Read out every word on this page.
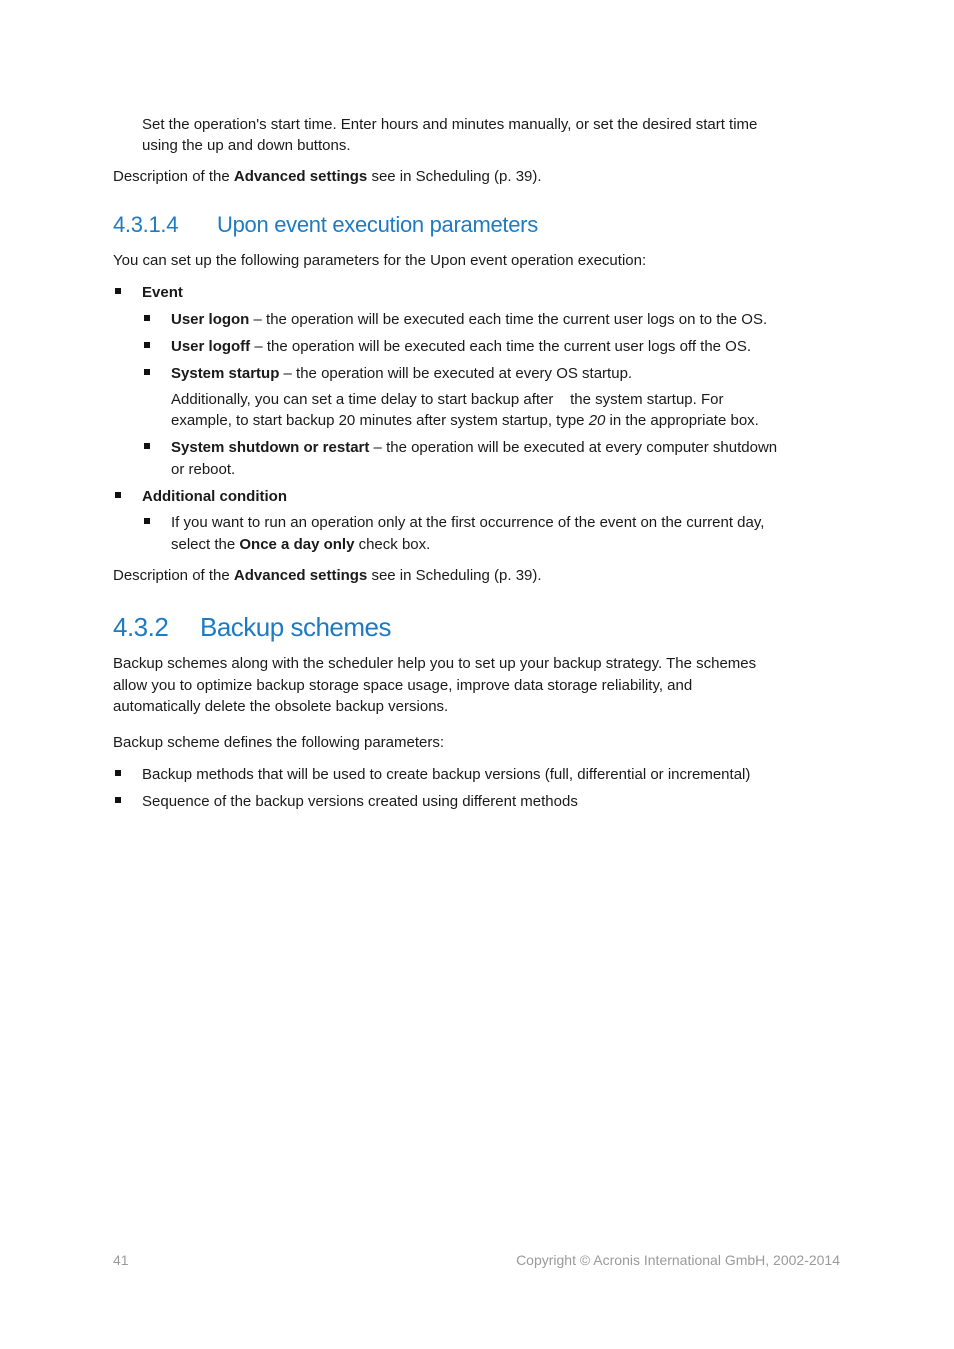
Set the operation's start time. Enter hours and minutes manually, or set the desired start time

using the up and down buttons.

Description of the Advanced settings see in Scheduling (p. 39).

4.3.1.4 Upon event execution parameters

You can set up the following parameters for the Upon event operation execution:

Event

User logon – the operation will be executed each time the current user logs on to the OS.

User logoff – the operation will be executed each time the current user logs off the OS.

System startup – the operation will be executed at every OS startup.

Additionally, you can set a time delay to start backup after    the system startup. For

example, to start backup 20 minutes after system startup, type 20 in the appropriate box.

System shutdown or restart – the operation will be executed at every computer shutdown

or reboot.

Additional condition

If you want to run an operation only at the first occurrence of the event on the current day,

select the Once a day only check box.

Description of the Advanced settings see in Scheduling (p. 39).

4.3.2 Backup schemes

Backup schemes along with the scheduler help you to set up your backup strategy. The schemes

allow you to optimize backup storage space usage, improve data storage reliability, and

automatically delete the obsolete backup versions.

Backup scheme defines the following parameters:

Backup methods that will be used to create backup versions (full, differential or incremental)

Sequence of the backup versions created using different methods

41	Copyright © Acronis International GmbH, 2002-2014
